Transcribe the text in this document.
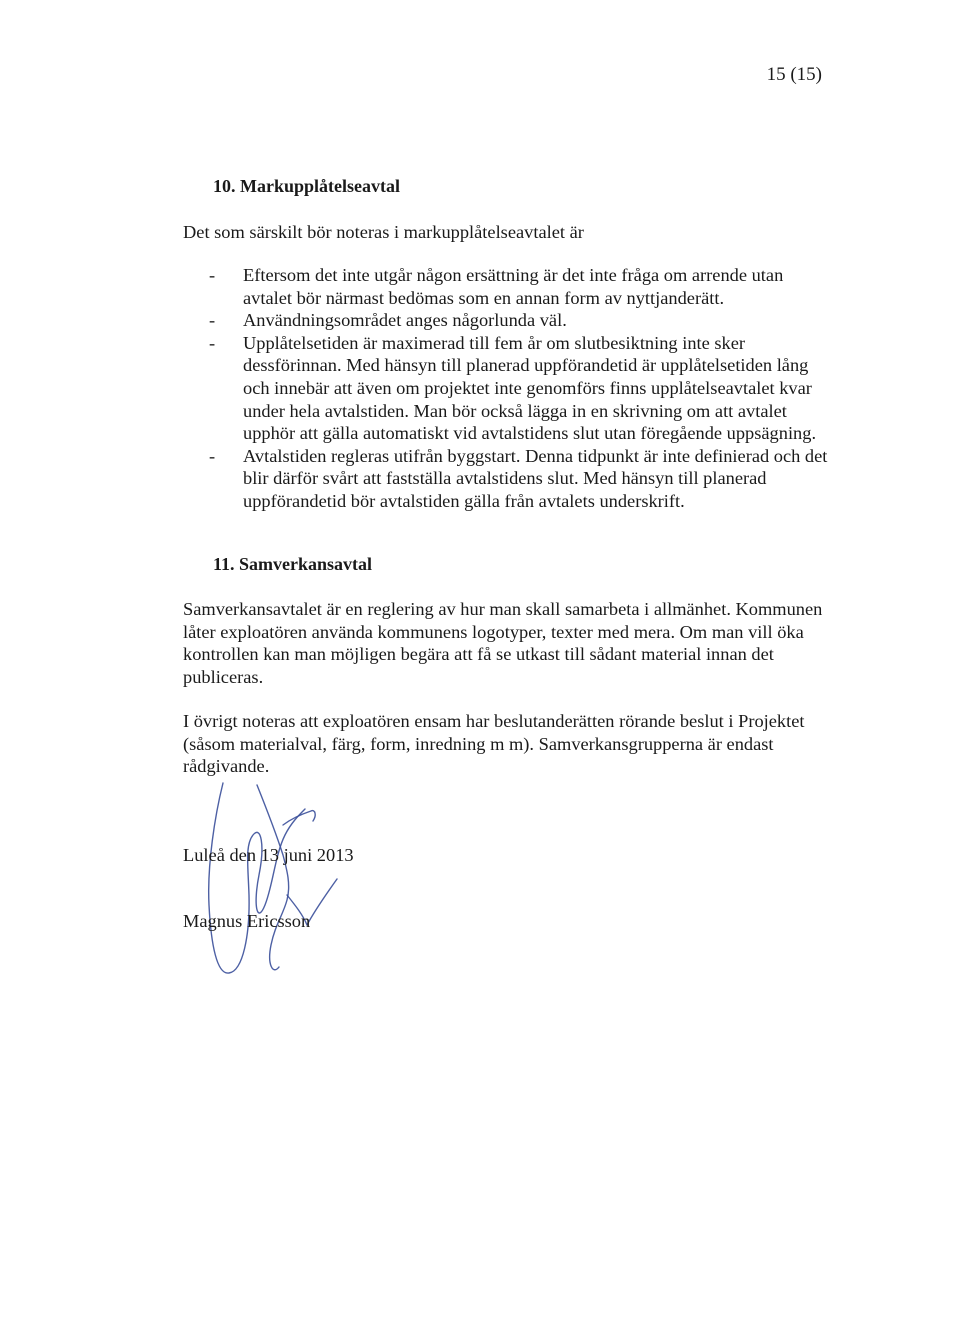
15 (15)
10. Markupplåtelseavtal

Det som särskilt bör noteras i markupplåtelseavtalet är

-	Eftersom det inte utgår någon ersättning är det inte fråga om arrende utan avtalet bör närmast bedömas som en annan form av nyttjanderätt.
-	Användningsområdet anges någorlunda väl.
-	Upplåtelsetiden är maximerad till fem år om slutbesiktning inte sker dessförinnan. Med hänsyn till planerad uppförandetid är upplåtelsetiden lång och innebär att även om projektet inte genomförs finns upplåtelseavtalet kvar under hela avtalstiden. Man bör också lägga in en skrivning om att avtalet upphör att gälla automatiskt vid avtalstidens slut utan föregående uppsägning.
-	Avtalstiden regleras utifrån byggstart. Denna tidpunkt är inte definierad och det blir därför svårt att fastställa avtalstidens slut. Med hänsyn till planerad uppförandetid bör avtalstiden gälla från avtalets underskrift.
11. Samverkansavtal

Samverkansavtalet är en reglering av hur man skall samarbeta i allmänhet. Kommunen låter exploatören använda kommunens logotyper, texter med mera. Om man vill öka kontrollen kan man möjligen begära att få se utkast till sådant material innan det publiceras.

I övrigt noteras att exploatören ensam har beslutanderätten rörande beslut i Projektet (såsom materialval, färg, form, inredning m m). Samverkansgrupperna är endast rådgivande.

Luleå den 13 juni 2013
Magnus Ericsson
